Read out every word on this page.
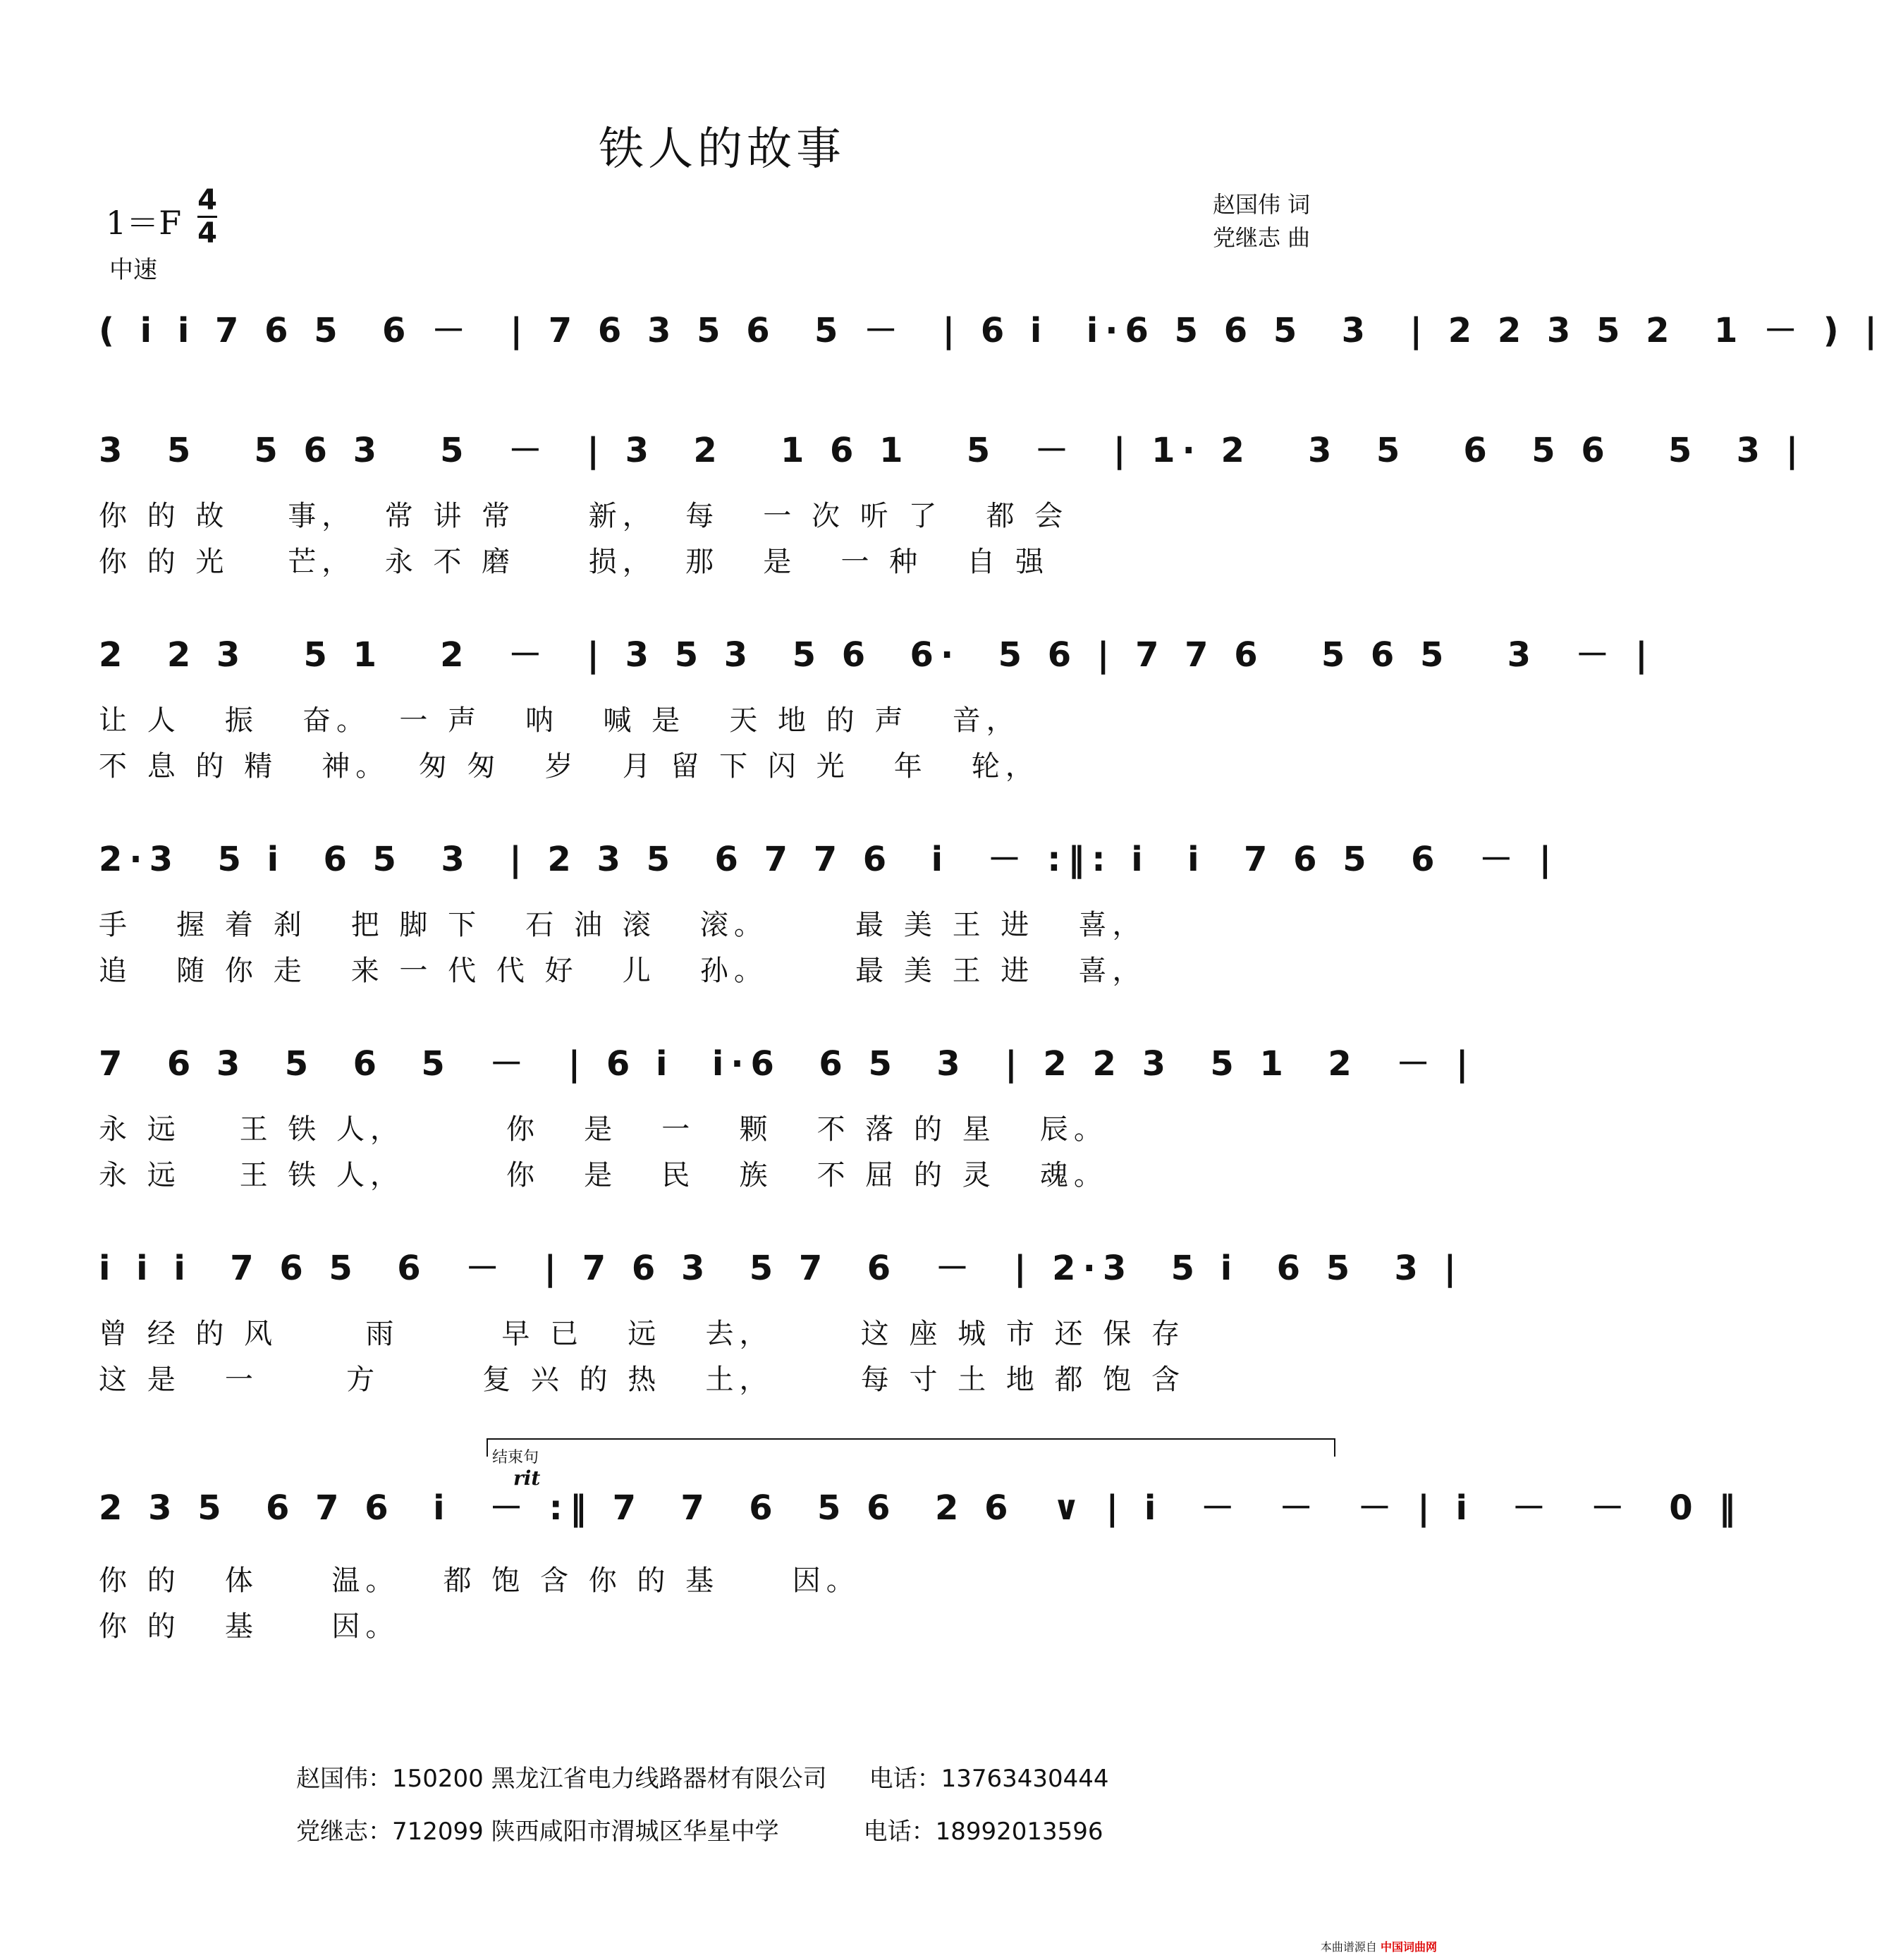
铁人的故事
赵国伟 词
党继志 曲
1＝F
4
4
中速
( i i 7 6 5  6 －  | 7 6 3 5 6  5 －  | 6 i  i·6 5 6 5  3  | 2 2 3 5 2  1 － ) |
3  5   5 6 3   5  －  | 3  2   1 6 1   5  －  | 1· 2   3  5   6  5 6   5  3 |
你 的 故    事，  常 讲 常     新，  每   一 次 听 了   都 会
你 的 光    芒，  永 不 磨     损，  那   是   一 种   自 强
2  2 3   5 1   2  －  | 3 5 3  5 6  6·  5 6 | 7 7 6   5 6 5   3  － |
让 人   振   奋。  一 声   呐   喊 是   天 地 的 声   音，
不 息 的 精   神。  匆 匆   岁   月 留 下 闪 光   年   轮，
2·3  5 i  6 5  3  | 2 3 5  6 7 7 6  i  － :‖: i  i  7 6 5  6  － |
手   握 着 刹   把 脚 下   石 油 滚   滚。      最 美 王 进   喜，
追   随 你 走   来 一 代 代 好   儿   孙。      最 美 王 进   喜，
7  6 3  5  6  5  －  | 6 i  i·6  6 5  3  | 2 2 3  5 1  2  － |
永 远    王 铁 人，       你   是   一   颗   不 落 的 星   辰。
永 远    王 铁 人，       你   是   民   族   不 屈 的 灵   魂。
i i i  7 6 5  6  －  | 7 6 3  5 7  6  －  | 2·3  5 i  6 5  3 |
曾 经 的 风      雨       早 已   远   去，      这 座 城 市 还 保 存
这 是   一      方       复 兴 的 热   土，      每 寸 土 地 都 饱 含
结束句
rit
2 3 5  6 7 6  i  － :‖ 7  7  6  5 6  2 6  ∨ | i  －  －  － | i  －  －  0 ‖
你 的   体     温。   都 饱 含 你 的 基     因。
你 的   基     因。
赵国伟：150200 黑龙江省电力线路器材有限公司 电话：13763430444
党继志：712099 陕西咸阳市渭城区华星中学	电话：18992013596
本曲谱源自 中国词曲网
